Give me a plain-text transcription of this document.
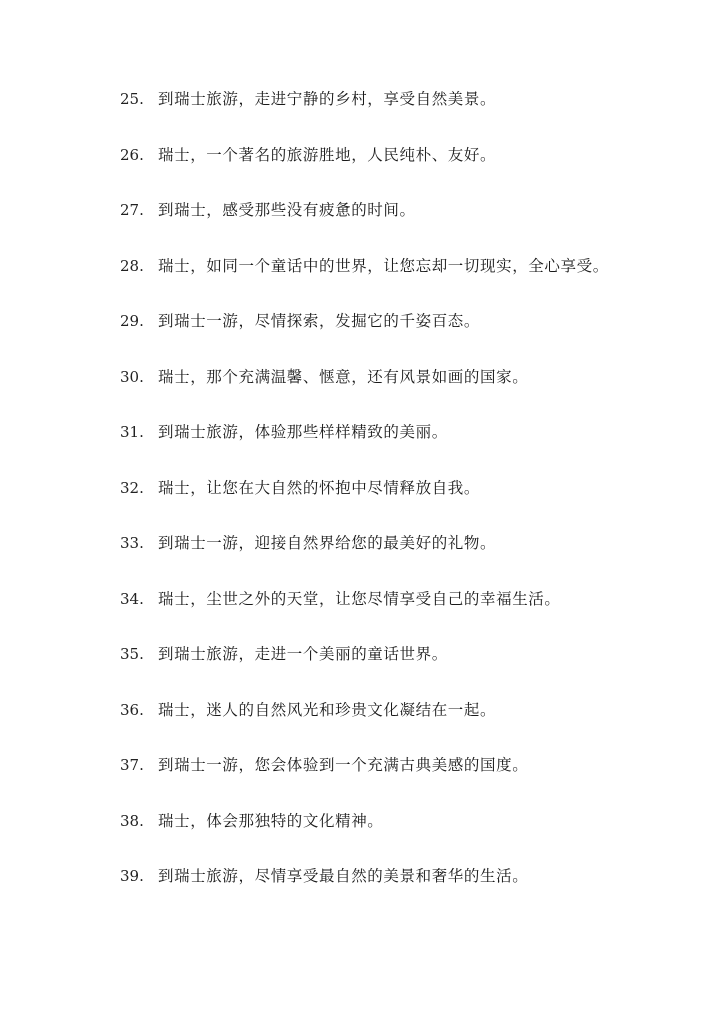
25. 到瑞士旅游，走进宁静的乡村，享受自然美景。
26. 瑞士，一个著名的旅游胜地，人民纯朴、友好。
27. 到瑞士，感受那些没有疲惫的时间。
28. 瑞士，如同一个童话中的世界，让您忘却一切现实，全心享受。
29. 到瑞士一游，尽情探索，发掘它的千姿百态。
30. 瑞士，那个充满温馨、惬意，还有风景如画的国家。
31. 到瑞士旅游，体验那些样样精致的美丽。
32. 瑞士，让您在大自然的怀抱中尽情释放自我。
33. 到瑞士一游，迎接自然界给您的最美好的礼物。
34. 瑞士，尘世之外的天堂，让您尽情享受自己的幸福生活。
35. 到瑞士旅游，走进一个美丽的童话世界。
36. 瑞士，迷人的自然风光和珍贵文化凝结在一起。
37. 到瑞士一游，您会体验到一个充满古典美感的国度。
38. 瑞士，体会那独特的文化精神。
39. 到瑞士旅游，尽情享受最自然的美景和奢华的生活。
